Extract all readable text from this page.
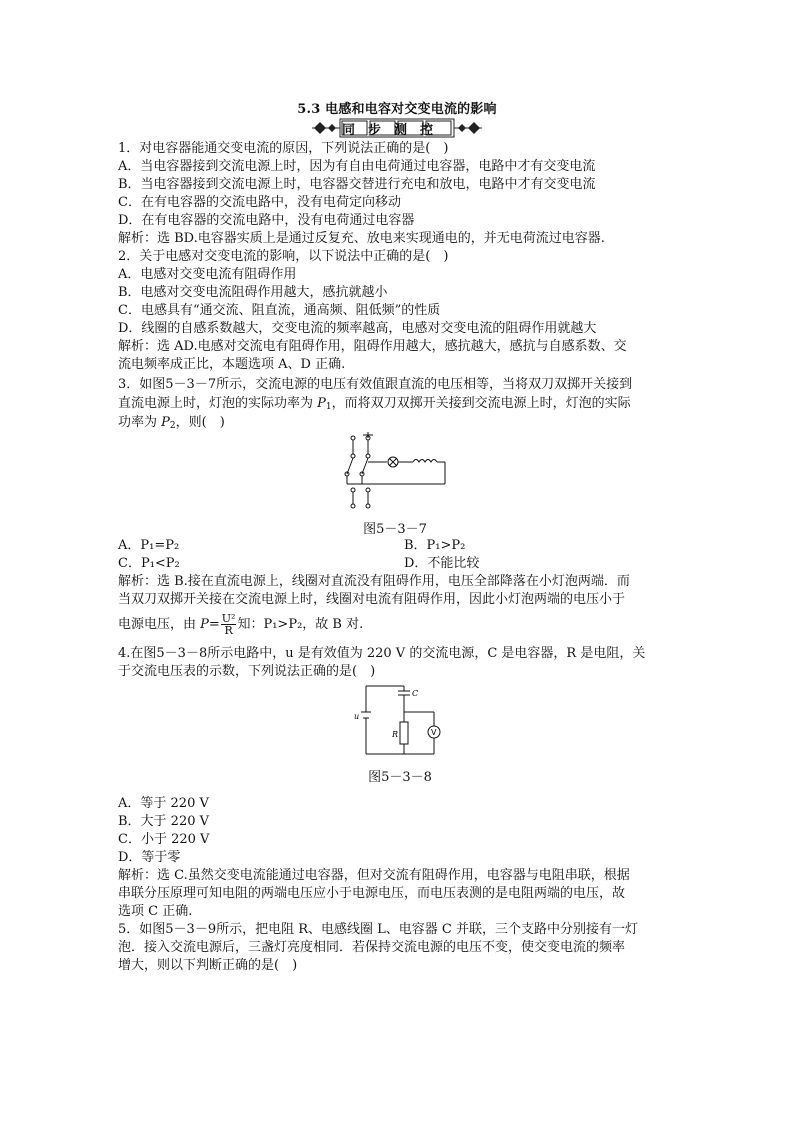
5.3 电感和电容对交变电流的影响
同步测控
1．对电容器能通交变电流的原因，下列说法正确的是(　)
A．当电容器接到交流电源上时，因为有自由电荷通过电容器，电路中才有交变电流
B．当电容器接到交流电源上时，电容器交替进行充电和放电，电路中才有交变电流
C．在有电容器的交流电路中，没有电荷定向移动
D．在有电容器的交流电路中，没有电荷通过电容器
解析：选 BD.电容器实质上是通过反复充、放电来实现通电的，并无电荷流过电容器.
2．关于电感对交变电流的影响，以下说法中正确的是(　)
A．电感对交变电流有阻碍作用
B．电感对交变电流阻碍作用越大，感抗就越小
C．电感具有“通交流、阻直流，通高频、阻低频”的性质
D．线圈的自感系数越大，交变电流的频率越高，电感对交变电流的阻碍作用就越大
解析：选 AD.电感对交流电有阻碍作用，阻碍作用越大，感抗越大，感抗与自感系数、交
流电频率成正比，本题选项 A、D 正确.
3．如图5－3－7所示，交流电源的电压有效值跟直流的电压相等，当将双刀双掷开关接到
直流电源上时，灯泡的实际功率为 $P_1$，而将双刀双掷开关接到交流电源上时，灯泡的实际
功率为 $P_2$，则(　)
图5－3－7
A．P₁=P₂	B．P₁>P₂
C．P₁<P₂	D．不能比较
解析：选 B.接在直流电源上，线圈对直流没有阻碍作用，电压全部降落在小灯泡两端．而
当双刀双掷开关接在交流电源上时，线圈对电流有阻碍作用，因此小灯泡两端的电压小于
电源电压，由 $P= \frac{\text{U²}}{R}$ 知：P₁>P₂，故 B 对.
4.在图5－3－8所示电路中，u 是有效值为 220 V 的交流电源，C 是电容器，R 是电阻，关
于交流电压表的示数，下列说法正确的是(　)
u
C
R	V
图5－3－8
A．等于 220 V
B．大于 220 V
C．小于 220 V
D．等于零
解析：选 C.虽然交变电流能通过电容器，但对交流有阻碍作用，电容器与电阻串联，根据
串联分压原理可知电阻的两端电压应小于电源电压，而电压表测的是电阻两端的电压，故
选项 C 正确.
5．如图5－3－9所示，把电阻 R、电感线圈 L、电容器 C 并联，三个支路中分别接有一灯
泡．接入交流电源后，三盏灯亮度相同．若保持交流电源的电压不变，使交变电流的频率
增大，则以下判断正确的是(　)
